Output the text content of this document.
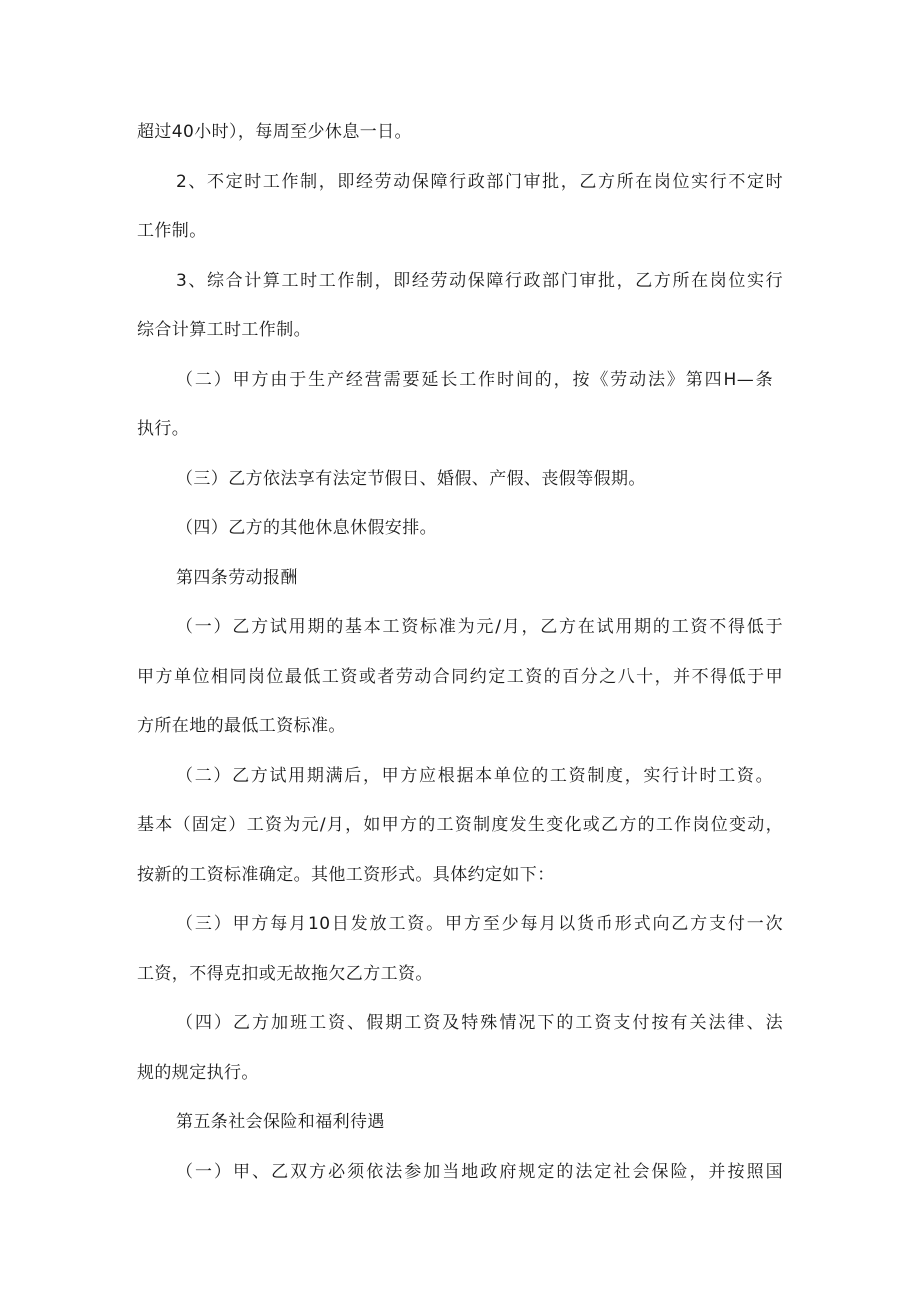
超过40小时），每周至少休息一日。
2、不定时工作制，即经劳动保障行政部门审批，乙方所在岗位实行不定时
工作制。
3、综合计算工时工作制，即经劳动保障行政部门审批，乙方所在岗位实行
综合计算工时工作制。
（二）甲方由于生产经营需要延长工作时间的，按《劳动法》第四H—条
执行。
（三）乙方依法享有法定节假日、婚假、产假、丧假等假期。
（四）乙方的其他休息休假安排。
第四条劳动报酬
（一）乙方试用期的基本工资标准为元/月，乙方在试用期的工资不得低于
甲方单位相同岗位最低工资或者劳动合同约定工资的百分之八十，并不得低于甲
方所在地的最低工资标准。
（二）乙方试用期满后，甲方应根据本单位的工资制度，实行计时工资。
基本（固定）工资为元/月，如甲方的工资制度发生变化或乙方的工作岗位变动，
按新的工资标准确定。其他工资形式。具体约定如下：
（三）甲方每月10日发放工资。甲方至少每月以货币形式向乙方支付一次
工资，不得克扣或无故拖欠乙方工资。
（四）乙方加班工资、假期工资及特殊情况下的工资支付按有关法律、法
规的规定执行。
第五条社会保险和福利待遇
（一）甲、乙双方必须依法参加当地政府规定的法定社会保险，并按照国
